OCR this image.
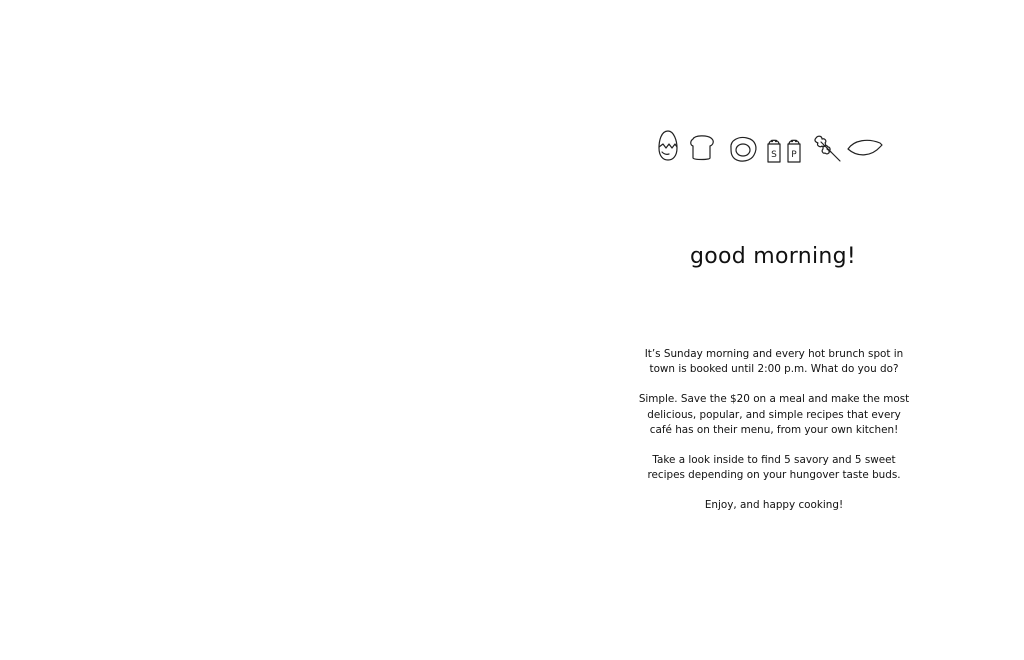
S P
good morning!

It’s Sunday morning and every hot brunch spot in town is booked until 2:00 p.m. What do you do?

Simple. Save the $20 on a meal and make the most delicious, popular, and simple recipes that every café has on their menu, from your own kitchen!

Take a look inside to find 5 savory and 5 sweet recipes depending on your hungover taste buds.

Enjoy, and happy cooking!
